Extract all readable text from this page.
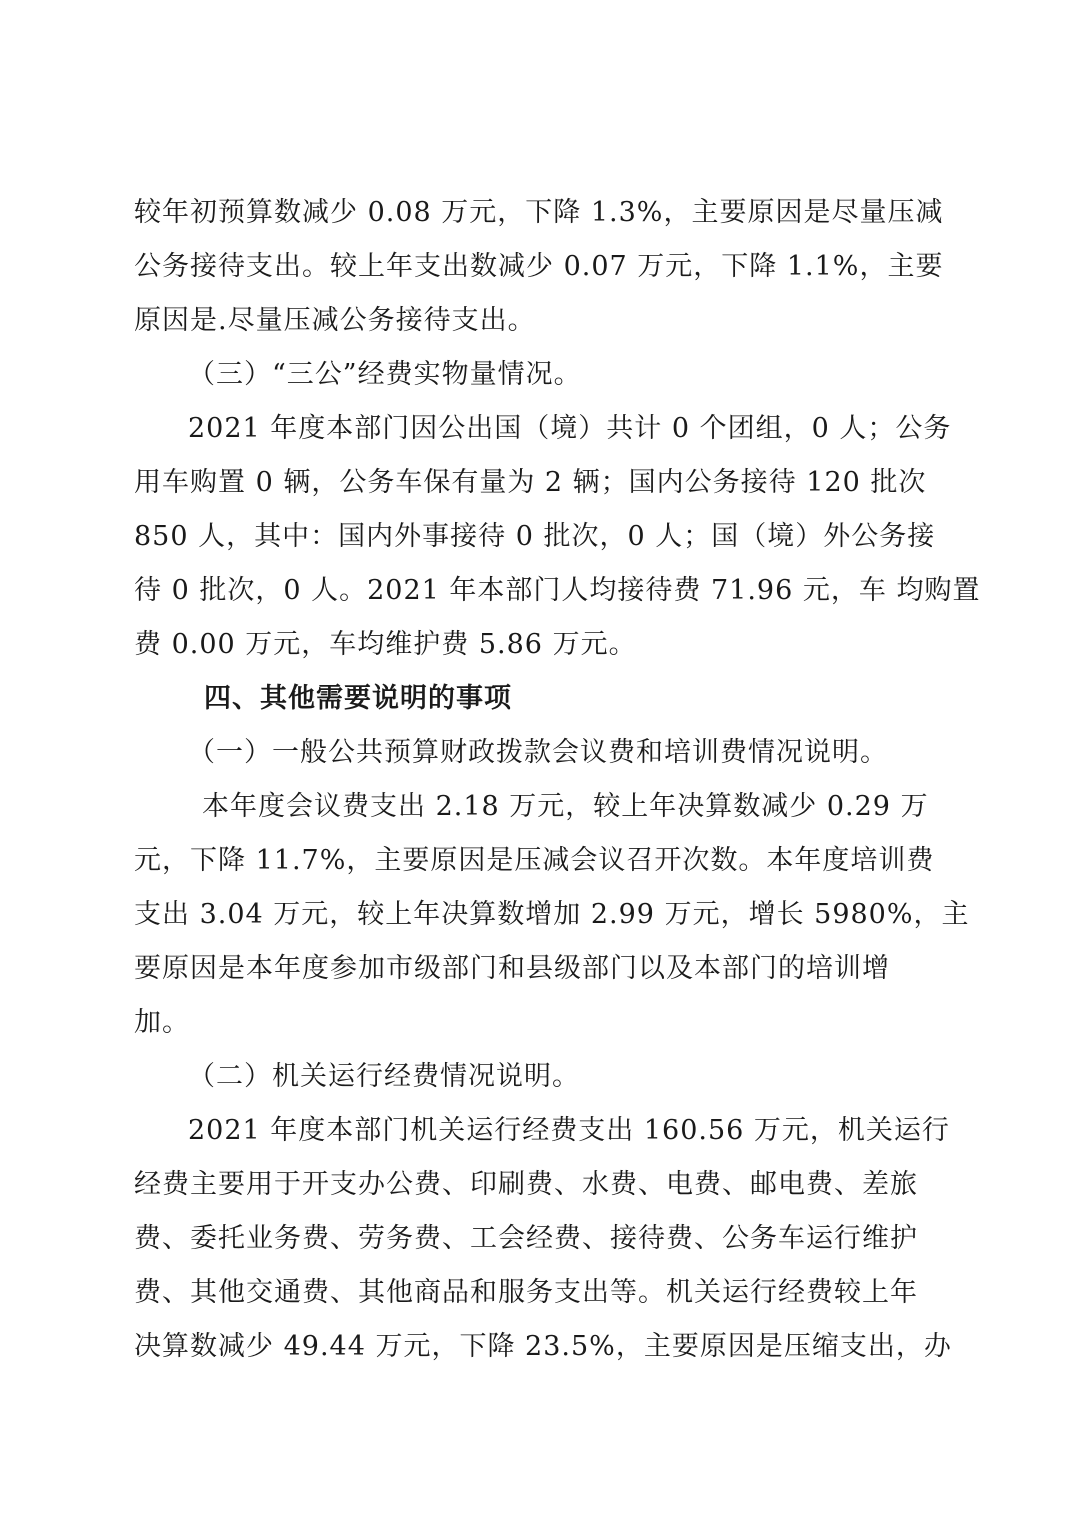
较年初预算数减少 0.08 万元，下降 1.3%，主要原因是尽量压减
公务接待支出。较上年支出数减少 0.07 万元，下降 1.1%，主要
原因是.尽量压减公务接待支出。
（三）“三公”经费实物量情况。
2021 年度本部门因公出国（境）共计 0 个团组，0 人；公务
用车购置 0 辆，公务车保有量为 2 辆；国内公务接待 120 批次
850 人，其中：国内外事接待 0 批次，0 人；国（境）外公务接
待 0 批次，0 人。2021 年本部门人均接待费 71.96 元，车 均购置
费 0.00 万元，车均维护费 5.86 万元。
四、其他需要说明的事项
（一）一般公共预算财政拨款会议费和培训费情况说明。
本年度会议费支出 2.18 万元，较上年决算数减少 0.29 万
元，下降 11.7%，主要原因是压减会议召开次数。本年度培训费
支出 3.04 万元，较上年决算数增加 2.99 万元，增长 5980%，主
要原因是本年度参加市级部门和县级部门以及本部门的培训增
加。
（二）机关运行经费情况说明。
2021 年度本部门机关运行经费支出 160.56 万元，机关运行
经费主要用于开支办公费、印刷费、水费、电费、邮电费、差旅
费、委托业务费、劳务费、工会经费、接待费、公务车运行维护
费、其他交通费、其他商品和服务支出等。机关运行经费较上年
决算数减少 49.44 万元，下降 23.5%，主要原因是压缩支出，办
